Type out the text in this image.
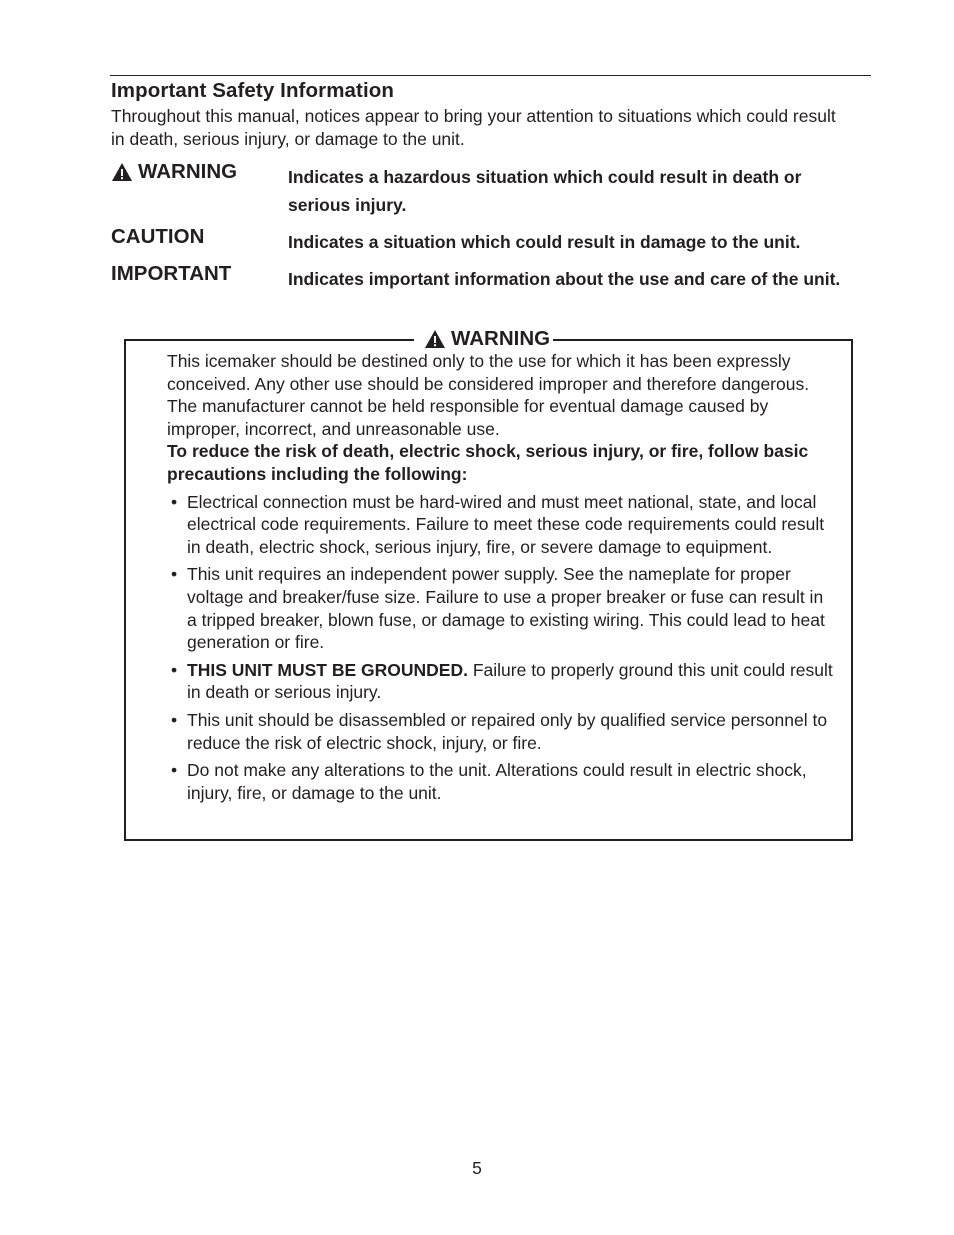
Important Safety Information
Throughout this manual, notices appear to bring your attention to situations which could result in death, serious injury, or damage to the unit.
WARNING	Indicates a hazardous situation which could result in death or serious injury.
CAUTION	Indicates a situation which could result in damage to the unit.
IMPORTANT	Indicates important information about the use and care of the unit.
WARNING

This icemaker should be destined only to the use for which it has been expressly conceived. Any other use should be considered improper and therefore dangerous. The manufacturer cannot be held responsible for eventual damage caused by improper, incorrect, and unreasonable use.

To reduce the risk of death, electric shock, serious injury, or fire, follow basic precautions including the following:

• Electrical connection must be hard-wired and must meet national, state, and local electrical code requirements. Failure to meet these code requirements could result in death, electric shock, serious injury, fire, or severe damage to equipment.
• This unit requires an independent power supply. See the nameplate for proper voltage and breaker/fuse size. Failure to use a proper breaker or fuse can result in a tripped breaker, blown fuse, or damage to existing wiring. This could lead to heat generation or fire.
• THIS UNIT MUST BE GROUNDED. Failure to properly ground this unit could result in death or serious injury.
• This unit should be disassembled or repaired only by qualified service personnel to reduce the risk of electric shock, injury, or fire.
• Do not make any alterations to the unit. Alterations could result in electric shock, injury, fire, or damage to the unit.
5
